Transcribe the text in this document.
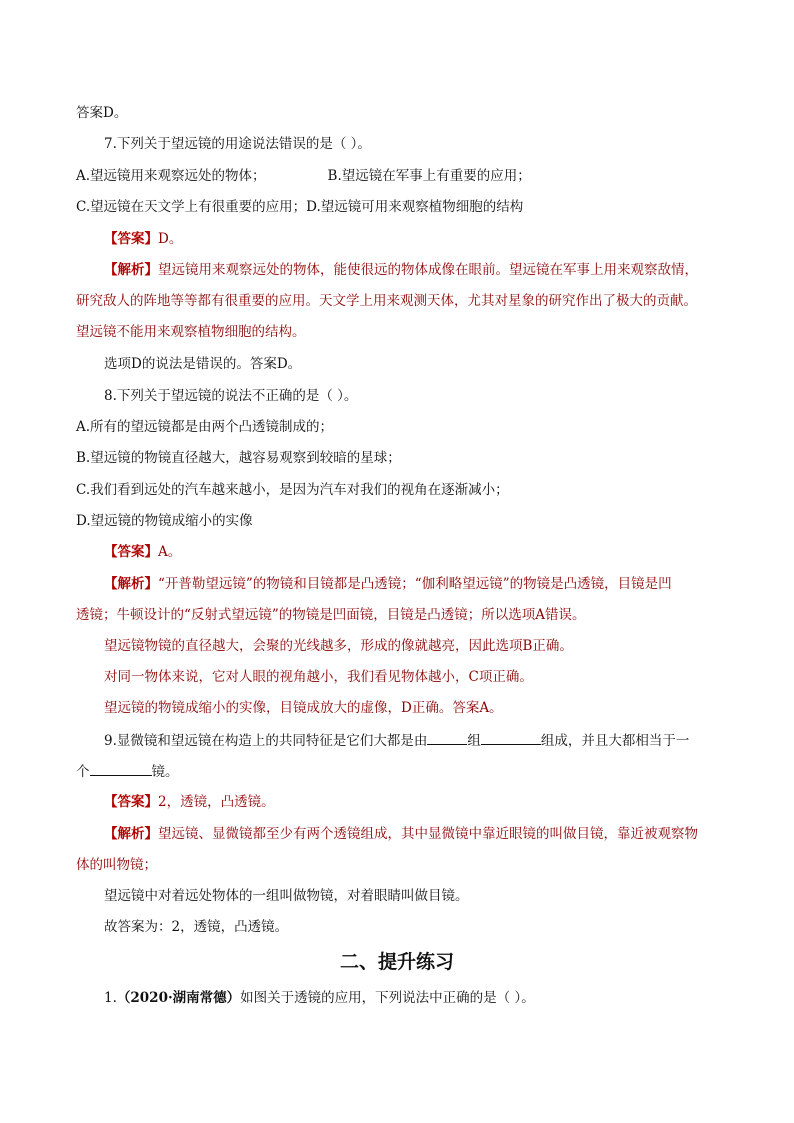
答案D。
7.下列关于望远镜的用途说法错误的是（ ）。
A.望远镜用来观察远处的物体；	B.望远镜在军事上有重要的应用；
C.望远镜在天文学上有很重要的应用；D.望远镜可用来观察植物细胞的结构
【答案】D。
【解析】望远镜用来观察远处的物体，能使很远的物体成像在眼前。望远镜在军事上用来观察敌情，
研究敌人的阵地等等都有很重要的应用。天文学上用来观测天体，尤其对星象的研究作出了极大的贡献。
望远镜不能用来观察植物细胞的结构。
选项D的说法是错误的。答案D。
8.下列关于望远镜的说法不正确的是（ ）。
A.所有的望远镜都是由两个凸透镜制成的；
B.望远镜的物镜直径越大，越容易观察到较暗的星球；
C.我们看到远处的汽车越来越小，是因为汽车对我们的视角在逐渐减小；
D.望远镜的物镜成缩小的实像
【答案】A。
【解析】“开普勒望远镜”的物镜和目镜都是凸透镜；“伽利略望远镜”的物镜是凸透镜，目镜是凹
透镜；牛顿设计的“反射式望远镜”的物镜是凹面镜，目镜是凸透镜；所以选项A错误。
望远镜物镜的直径越大，会聚的光线越多，形成的像就越亮，因此选项B正确。
对同一物体来说，它对人眼的视角越小，我们看见物体越小，C项正确。
望远镜的物镜成缩小的实像，目镜成放大的虚像，D正确。答案A。
9.显微镜和望远镜在构造上的共同特征是它们大都是由	组	组成，并且大都相当于一
个	镜。
【答案】2，透镜，凸透镜。
【解析】望远镜、显微镜都至少有两个透镜组成，其中显微镜中靠近眼镜的叫做目镜，靠近被观察物
体的叫物镜；
望远镜中对着远处物体的一组叫做物镜，对着眼睛叫做目镜。
故答案为：2，透镜，凸透镜。
二、提升练习
1.（2020·湖南常德）如图关于透镜的应用，下列说法中正确的是（ ）。
